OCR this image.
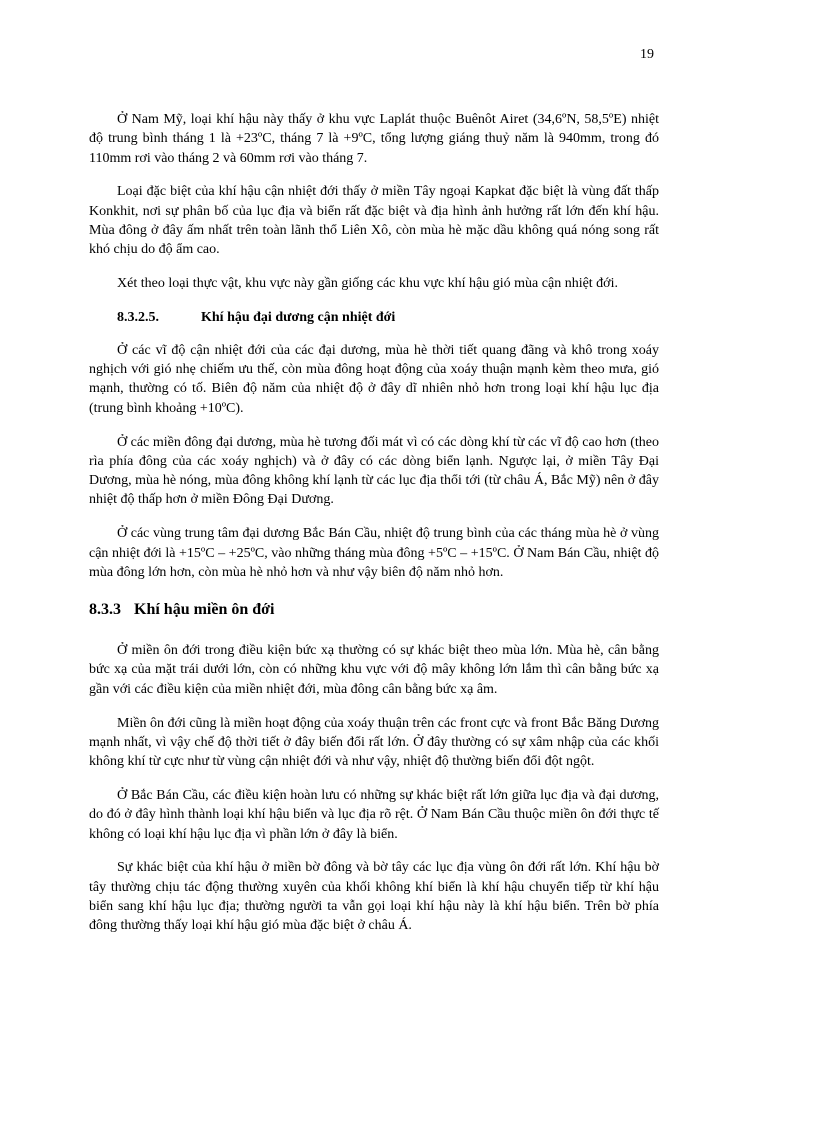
19

Ở Nam Mỹ, loại khí hậu này thấy ở khu vực Laplát thuộc Buênôt Airet (34,6ºN, 58,5ºE) nhiệt độ trung bình tháng 1 là +23ºC, tháng 7 là +9ºC, tổng lượng giáng thuỷ năm là 940mm, trong đó 110mm rơi vào tháng 2 và 60mm rơi vào tháng 7.

Loại đặc biệt của khí hậu cận nhiệt đới thấy ở miền Tây ngoại Kapkat đặc biệt là vùng đất thấp Konkhit, nơi sự phân bố của lục địa và biển rất đặc biệt và địa hình ảnh hưởng rất lớn đến khí hậu. Mùa đông ở đây ấm nhất trên toàn lãnh thổ Liên Xô, còn mùa hè mặc dầu không quá nóng song rất khó chịu do độ ẩm cao.

Xét theo loại thực vật, khu vực này gần giống các khu vực khí hậu gió mùa cận nhiệt đới.

8.3.2.5.	Khí hậu đại dương cận nhiệt đới

Ở các vĩ độ cận nhiệt đới của các đại dương, mùa hè thời tiết quang đãng và khô trong xoáy nghịch với gió nhẹ chiếm ưu thế, còn mùa đông hoạt động của xoáy thuận mạnh kèm theo mưa, gió mạnh, thường có tố. Biên độ năm của nhiệt độ ở đây dĩ nhiên nhỏ hơn trong loại khí hậu lục địa (trung bình khoảng +10ºC).

Ở các miền đông đại dương, mùa hè tương đối mát vì có các dòng khí từ các vĩ độ cao hơn (theo rìa phía đông của các xoáy nghịch) và ở đây có các dòng biển lạnh. Ngược lại, ở miền Tây Đại Dương, mùa hè nóng, mùa đông không khí lạnh từ các lục địa thổi tới (từ châu Á, Bắc Mỹ) nên ở đây nhiệt độ thấp hơn ở miền Đông Đại Dương.

Ở các vùng trung tâm đại dương Bắc Bán Cầu, nhiệt độ trung bình của các tháng mùa hè ở vùng cận nhiệt đới là +15ºC – +25ºC, vào những tháng mùa đông +5ºC – +15ºC. Ở Nam Bán Cầu, nhiệt độ mùa đông lớn hơn, còn mùa hè nhỏ hơn và như vậy biên độ năm nhỏ hơn.

8.3.3 Khí hậu miền ôn đới

Ở miền ôn đới trong điều kiện bức xạ thường có sự khác biệt theo mùa lớn. Mùa hè, cân bằng bức xạ của mặt trái dưới lớn, còn có những khu vực với độ mây không lớn lắm thì cân bằng bức xạ gần với các điều kiện của miền nhiệt đới, mùa đông cân bằng bức xạ âm.

Miền ôn đới cũng là miền hoạt động của xoáy thuận trên các front cực và front Bắc Băng Dương mạnh nhất, vì vậy chế độ thời tiết ở đây biến đổi rất lớn. Ở đây thường có sự xâm nhập của các khối không khí từ cực như từ vùng cận nhiệt đới và như vậy, nhiệt độ thường biến đổi đột ngột.

Ở Bắc Bán Cầu, các điều kiện hoàn lưu có những sự khác biệt rất lớn giữa lục địa và đại dương, do đó ở đây hình thành loại khí hậu biển và lục địa rõ rệt. Ở Nam Bán Cầu thuộc miền ôn đới thực tế không có loại khí hậu lục địa vì phần lớn ở đây là biển.

Sự khác biệt của khí hậu ở miền bờ đông và bờ tây các lục địa vùng ôn đới rất lớn. Khí hậu bờ tây thường chịu tác động thường xuyên của khối không khí biển là khí hậu chuyển tiếp từ khí hậu biển sang khí hậu lục địa; thường người ta vẫn gọi loại khí hậu này là khí hậu biển. Trên bờ phía đông thường thấy loại khí hậu gió mùa đặc biệt ở châu Á.
